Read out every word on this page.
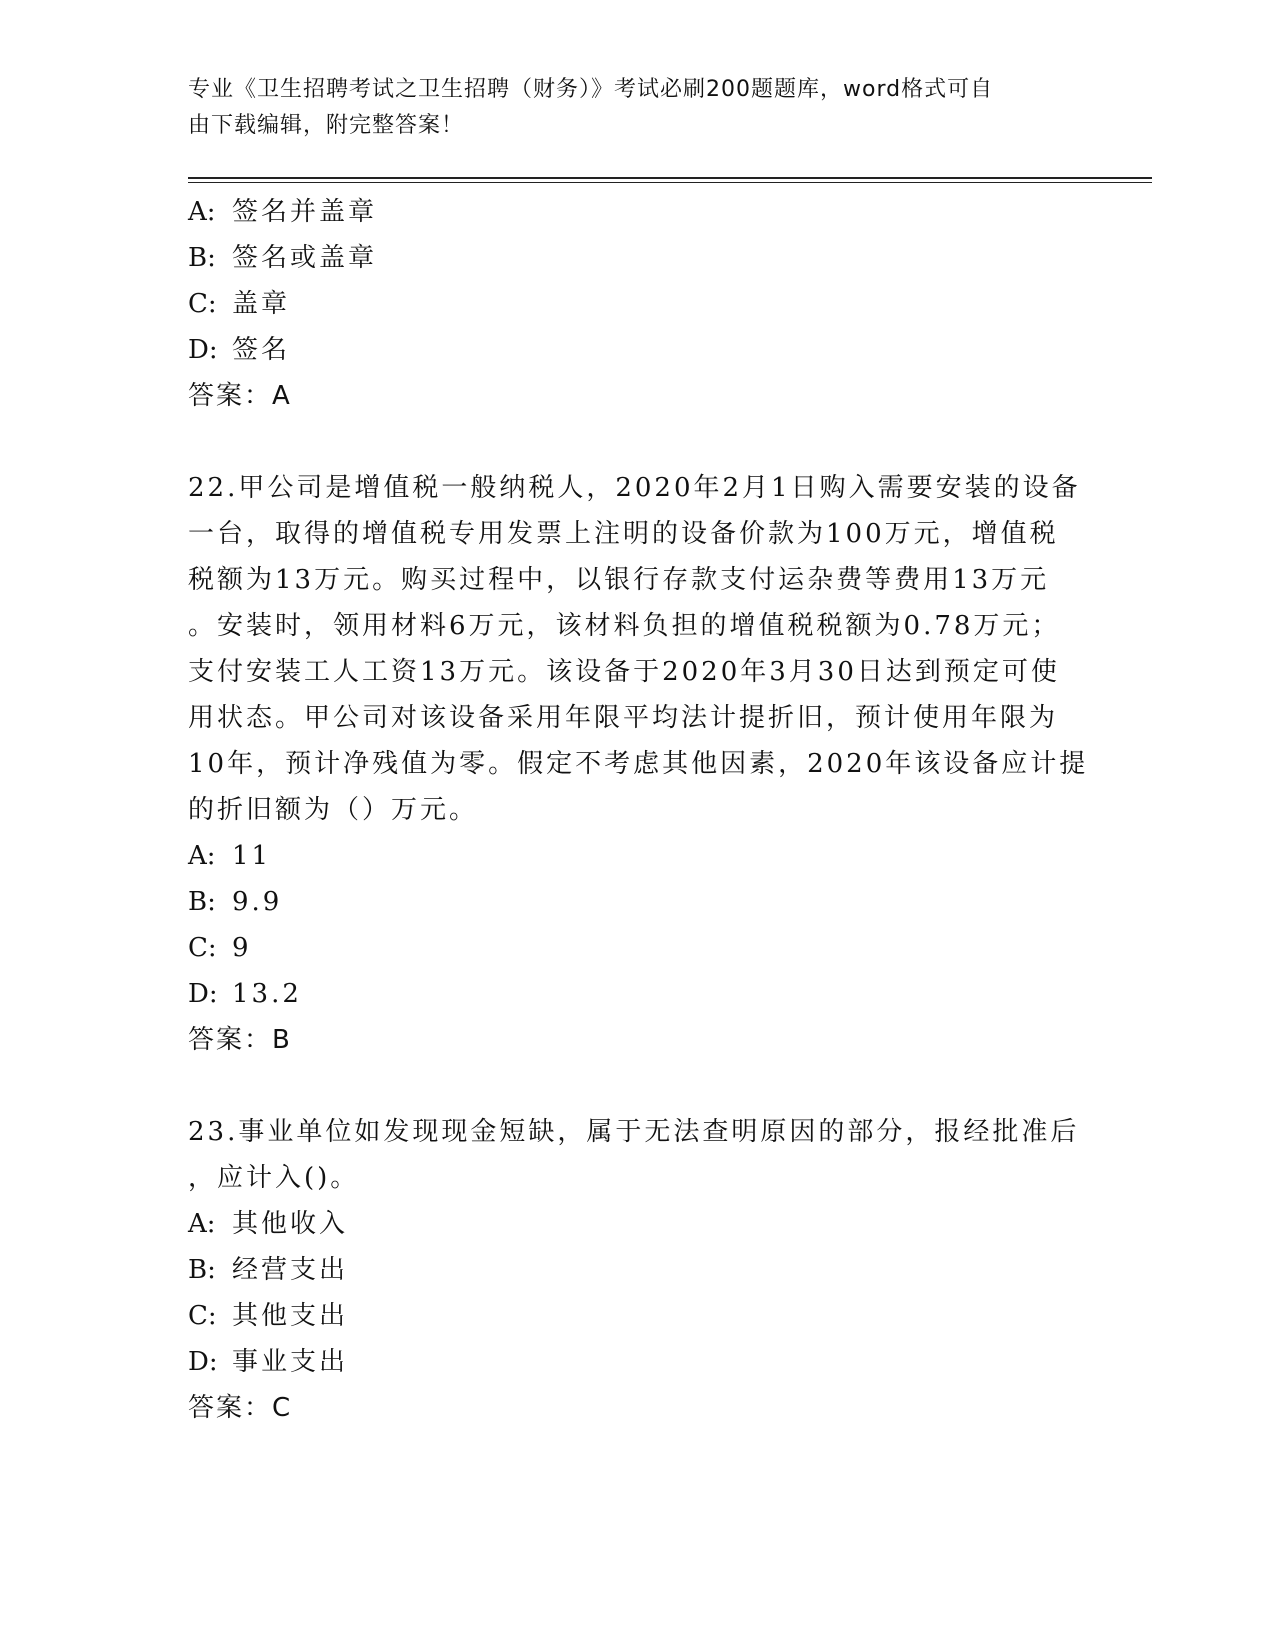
专业《卫生招聘考试之卫生招聘（财务）》考试必刷200题题库，word格式可自
由下载编辑，附完整答案！
A: 签名并盖章
B: 签名或盖章
C: 盖章
D: 签名
答案：A
22.甲公司是增值税一般纳税人，2020年2月1日购入需要安装的设备
一台，取得的增值税专用发票上注明的设备价款为100万元，增值税
税额为13万元。购买过程中，以银行存款支付运杂费等费用13万元
。安装时，领用材料6万元，该材料负担的增值税税额为0.78万元；
支付安装工人工资13万元。该设备于2020年3月30日达到预定可使
用状态。甲公司对该设备采用年限平均法计提折旧，预计使用年限为
10年，预计净残值为零。假定不考虑其他因素，2020年该设备应计提
的折旧额为（）万元。
A: 11
B: 9.9
C: 9
D: 13.2
答案：B
23.事业单位如发现现金短缺，属于无法查明原因的部分，报经批准后
，应计入()。
A: 其他收入
B: 经营支出
C: 其他支出
D: 事业支出
答案：C
